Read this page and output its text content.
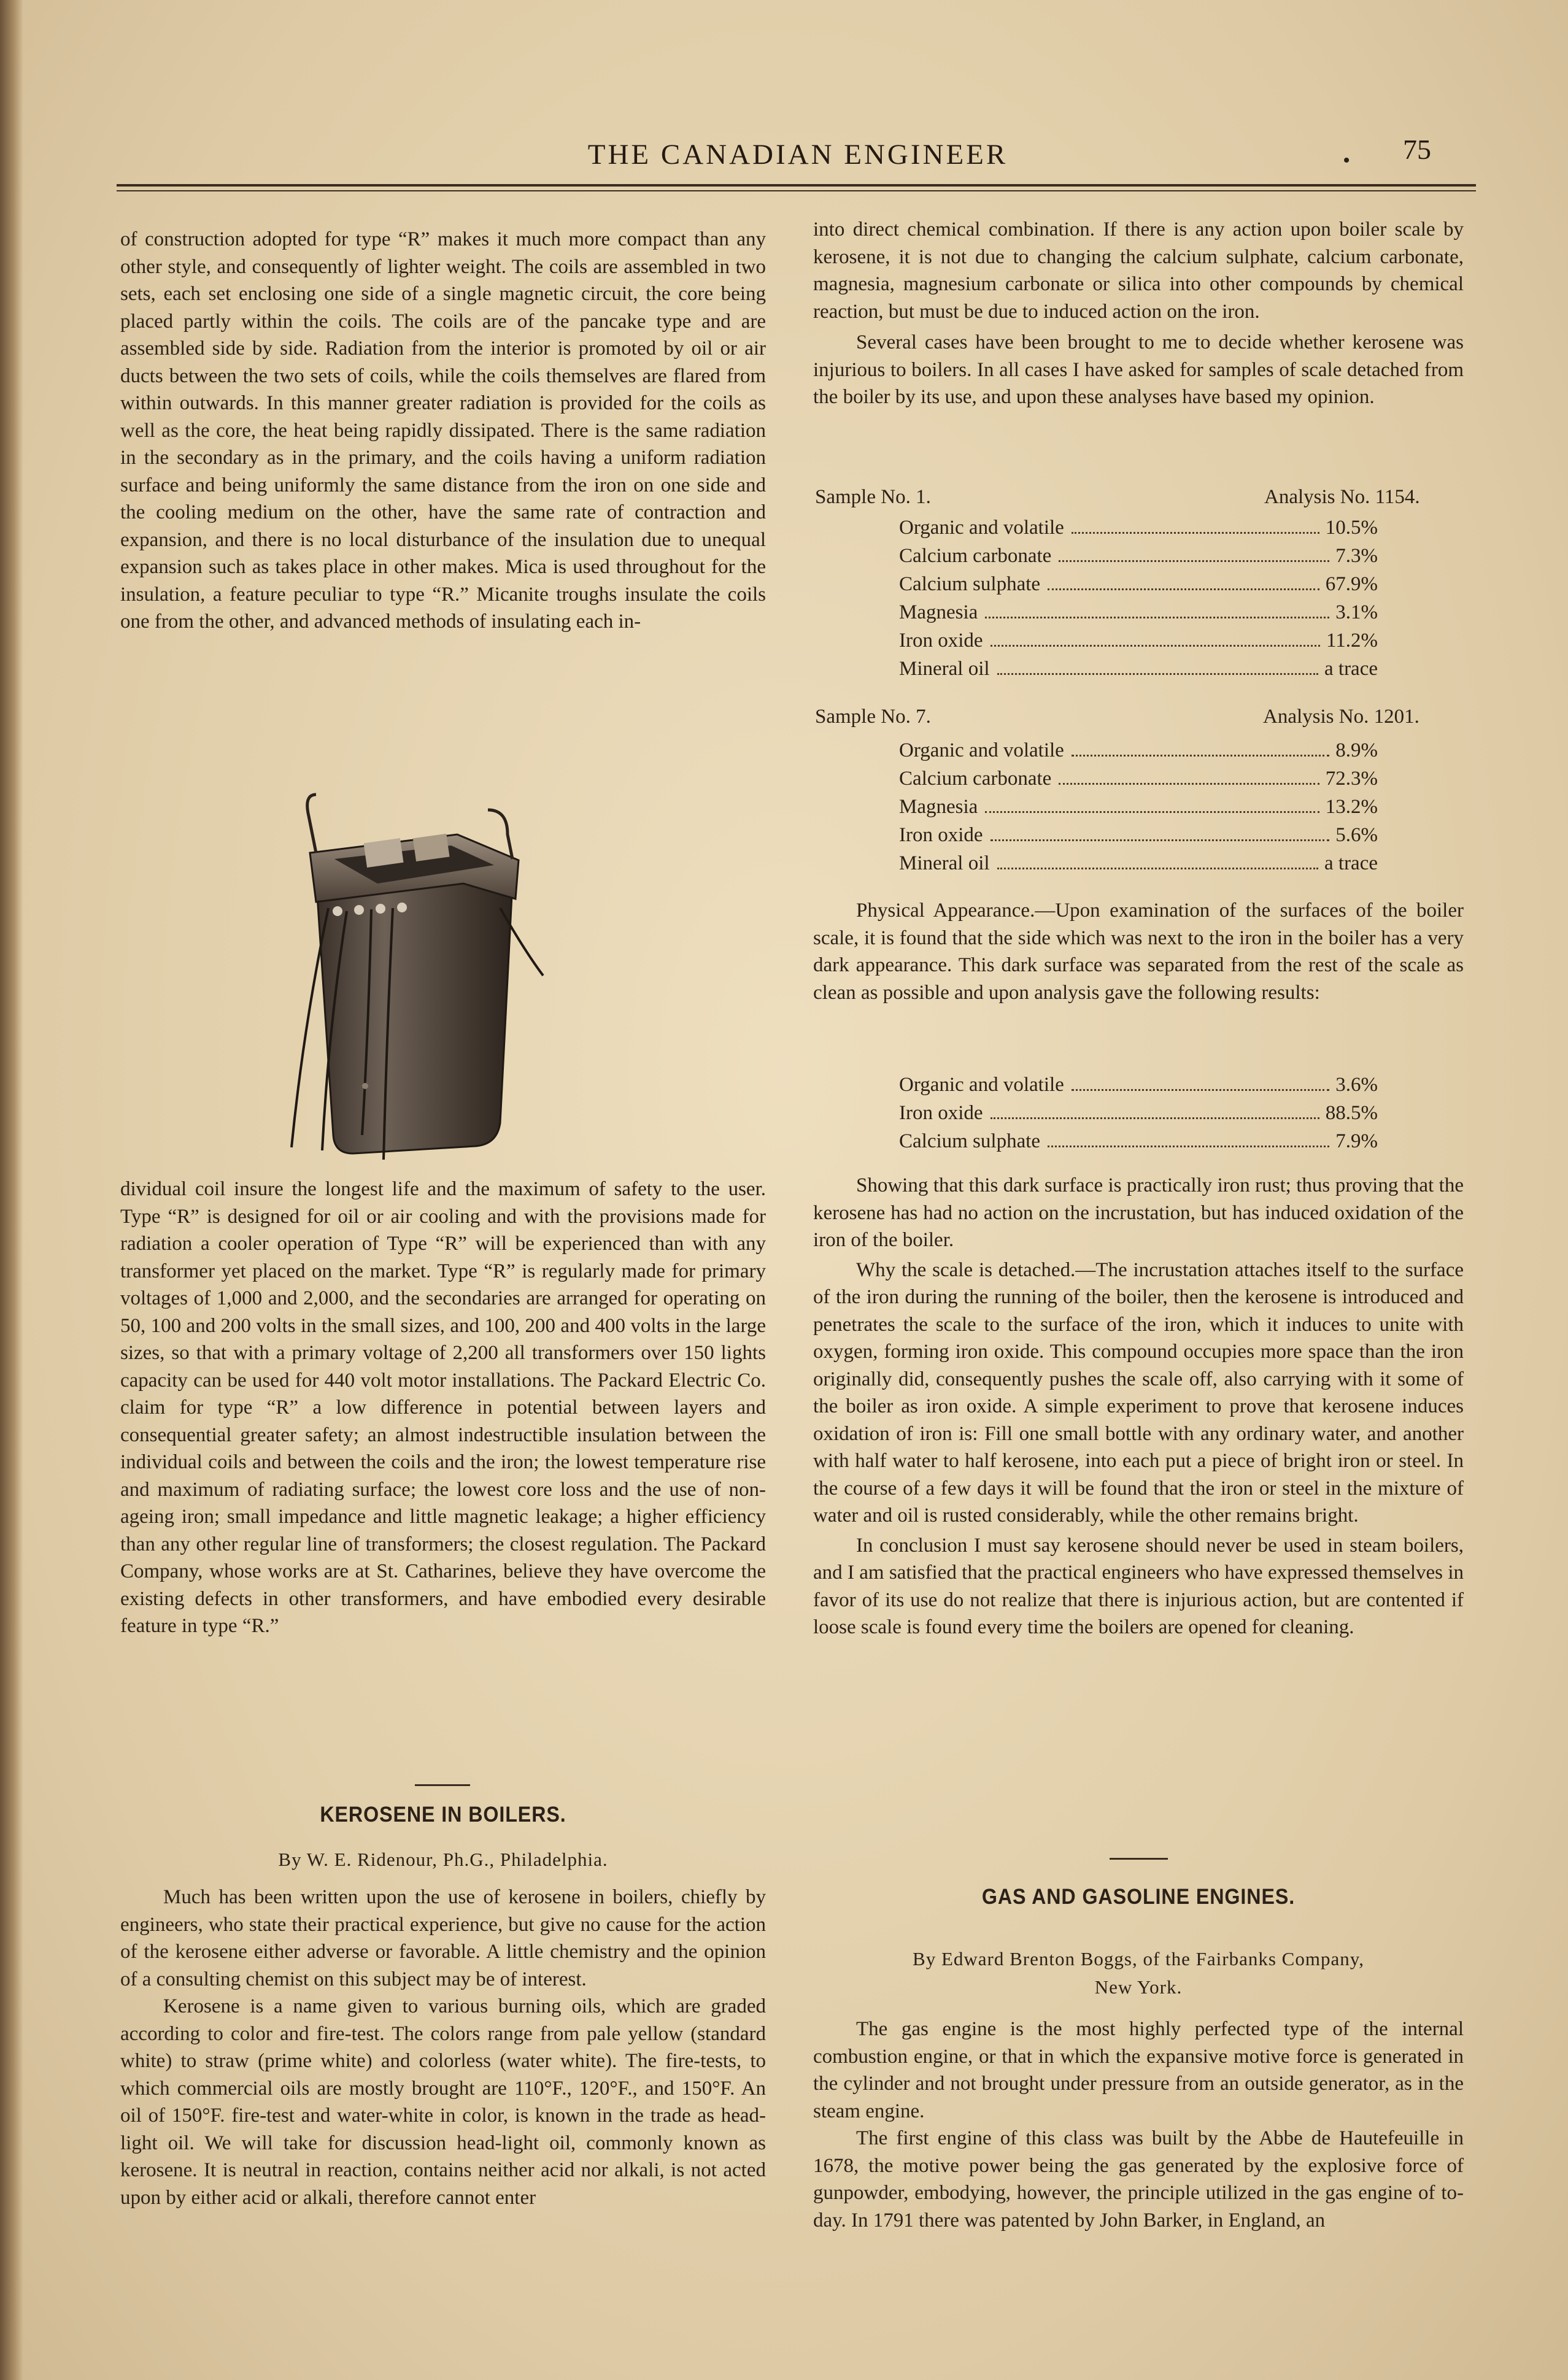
THE CANADIAN ENGINEER	• 75

of construction adopted for type “R” makes it much more compact than any other style, and consequently of lighter weight. The coils are assembled in two sets, each set enclosing one side of a single magnetic circuit, the core being placed partly within the coils. The coils are of the pancake type and are assembled side by side. Radiation from the interior is promoted by oil or air ducts between the two sets of coils, while the coils themselves are flared from within outwards. In this manner greater radiation is provided for the coils as well as the core, the heat being rapidly dissipated. There is the same radiation in the secondary as in the primary, and the coils having a uniform radiation surface and being uniformly the same distance from the iron on one side and the cooling medium on the other, have the same rate of contraction and expansion, and there is no local disturbance of the insulation due to unequal expansion such as takes place in other makes. Mica is used throughout for the insulation, a feature peculiar to type “R.” Micanite troughs insulate the coils one from the other, and advanced methods of insulating each in-

dividual coil insure the longest life and the maximum of safety to the user. Type “R” is designed for oil or air cooling and with the provisions made for radiation a cooler operation of Type “R” will be experienced than with any transformer yet placed on the market. Type “R” is regularly made for primary voltages of 1,000 and 2,000, and the secondaries are arranged for operating on 50, 100 and 200 volts in the small sizes, and 100, 200 and 400 volts in the large sizes, so that with a primary voltage of 2,200 all transformers over 150 lights capacity can be used for 440 volt motor installations. The Packard Electric Co. claim for type “R” a low difference in potential between layers and consequential greater safety; an almost indestructible insulation between the individual coils and between the coils and the iron; the lowest temperature rise and maximum of radiating surface; the lowest core loss and the use of non-ageing iron; small impedance and little magnetic leakage; a higher efficiency than any other regular line of transformers; the closest regulation. The Packard Company, whose works are at St. Catharines, believe they have overcome the existing defects in other transformers, and have embodied every desirable feature in type “R.”

KEROSENE IN BOILERS.
By W. E. Ridenour, Ph.G., Philadelphia.

Much has been written upon the use of kerosene in boilers, chiefly by engineers, who state their practical experience, but give no cause for the action of the kerosene either adverse or favorable. A little chemistry and the opinion of a consulting chemist on this subject may be of interest.

Kerosene is a name given to various burning oils, which are graded according to color and fire-test. The colors range from pale yellow (standard white) to straw (prime white) and colorless (water white). The fire-tests, to which commercial oils are mostly brought are 110°F., 120°F., and 150°F. An oil of 150°F. fire-test and water-white in color, is known in the trade as head-light oil. We will take for discussion head-light oil, commonly known as kerosene. It is neutral in reaction, contains neither acid nor alkali, is not acted upon by either acid or alkali, therefore cannot enter

into direct chemical combination. If there is any action upon boiler scale by kerosene, it is not due to changing the calcium sulphate, calcium carbonate, magnesia, magnesium carbonate or silica into other compounds by chemical reaction, but must be due to induced action on the iron.

Several cases have been brought to me to decide whether kerosene was injurious to boilers. In all cases I have asked for samples of scale detached from the boiler by its use, and upon these analyses have based my opinion.

Sample No. 1.	Analysis No. 1154.
Organic and volatile	10.5%
Calcium carbonate	7.3%
Calcium sulphate	67.9%
Magnesia	3.1%
Iron oxide	11.2%
Mineral oil	a trace
Sample No. 7.	Analysis No. 1201.
Organic and volatile	8.9%
Calcium carbonate	72.3%
Magnesia	13.2%
Iron oxide	5.6%
Mineral oil	a trace

Physical Appearance.—Upon examination of the surfaces of the boiler scale, it is found that the side which was next to the iron in the boiler has a very dark appearance. This dark surface was separated from the rest of the scale as clean as possible and upon analysis gave the following results:

Organic and volatile	3.6%
Iron oxide	88.5%
Calcium sulphate	7.9%

Showing that this dark surface is practically iron rust; thus proving that the kerosene has had no action on the incrustation, but has induced oxidation of the iron of the boiler.

Why the scale is detached.—The incrustation attaches itself to the surface of the iron during the running of the boiler, then the kerosene is introduced and penetrates the scale to the surface of the iron, which it induces to unite with oxygen, forming iron oxide. This compound occupies more space than the iron originally did, consequently pushes the scale off, also carrying with it some of the boiler as iron oxide. A simple experiment to prove that kerosene induces oxidation of iron is: Fill one small bottle with any ordinary water, and another with half water to half kerosene, into each put a piece of bright iron or steel. In the course of a few days it will be found that the iron or steel in the mixture of water and oil is rusted considerably, while the other remains bright.

In conclusion I must say kerosene should never be used in steam boilers, and I am satisfied that the practical engineers who have expressed themselves in favor of its use do not realize that there is injurious action, but are contented if loose scale is found every time the boilers are opened for cleaning.

GAS AND GASOLINE ENGINES.
By Edward Brenton Boggs, of the Fairbanks Company,
New York.

The gas engine is the most highly perfected type of the internal combustion engine, or that in which the expansive motive force is generated in the cylinder and not brought under pressure from an outside generator, as in the steam engine.

The first engine of this class was built by the Abbe de Hautefeuille in 1678, the motive power being the gas generated by the explosive force of gunpowder, embodying, however, the principle utilized in the gas engine of to-day. In 1791 there was patented by John Barker, in England, an
